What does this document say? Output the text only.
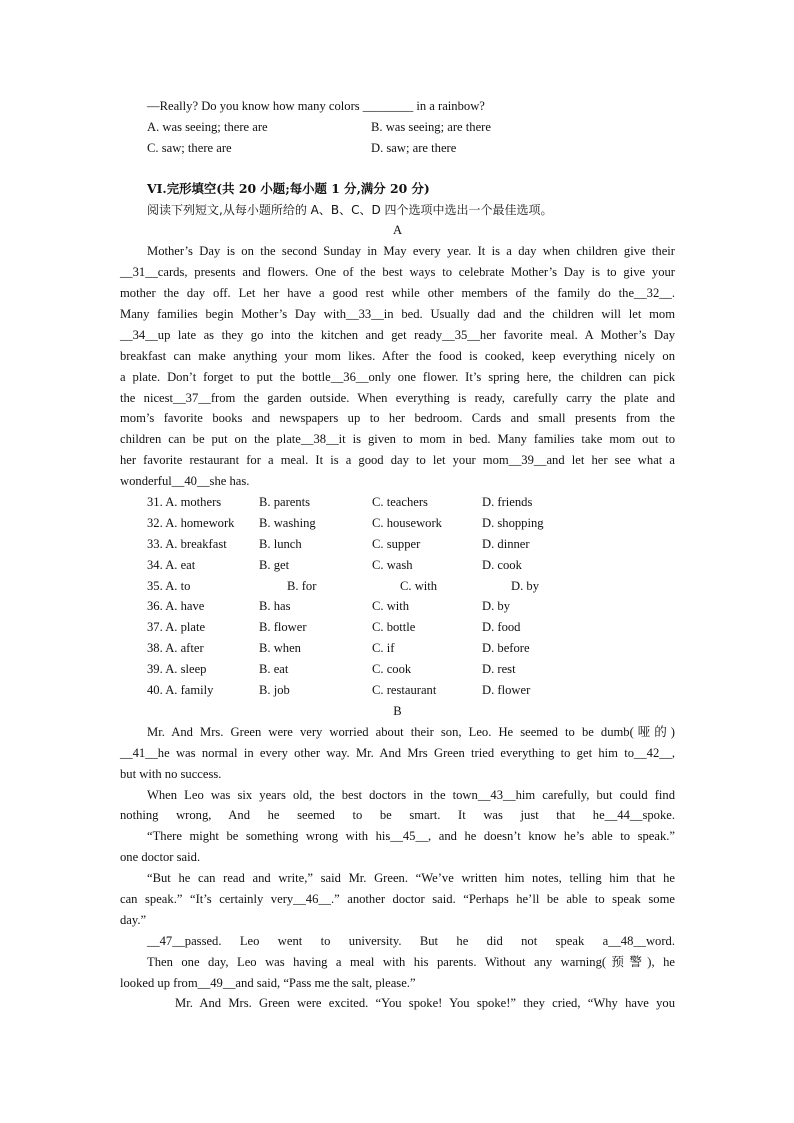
—Really? Do you know how many colors ________ in a rainbow?
A. was seeing; there are	B. was seeing; are there
C. saw; there are	D. saw; are there
VI.完形填空(共 20 小题;每小题 1 分,满分 20 分)
阅读下列短文,从每小题所给的 A、B、C、D 四个选项中选出一个最佳选项。
A
Mother’s Day is on the second Sunday in May every year. It is a day when children give their
__31__cards, presents and flowers. One of the best ways to celebrate Mother’s Day is to give your
mother the day off. Let her have a good rest while other members of the family do the__32__.
Many families begin Mother’s Day with__33__in bed. Usually dad and the children will let mom
__34__up late as they go into the kitchen and get ready__35__her favorite meal. A Mother’s Day
breakfast can make anything your mom likes. After the food is cooked, keep everything nicely on
a plate. Don’t forget to put the bottle__36__only one flower. It’s spring here, the children can pick
the nicest__37__from the garden outside. When everything is ready, carefully carry the plate and
mom’s favorite books and newspapers up to her bedroom. Cards and small presents from the
children can be put on the plate__38__it is given to mom in bed. Many families take mom out to
her favorite restaurant for a meal. It is a good day to let your mom__39__and let her see what a
wonderful__40__she has.
31. A. mothers	B. parents	C. teachers	D. friends
32. A. homework B. washing	C. housework	D. shopping
33. A. breakfast	B. lunch	C. supper	D. dinner
34. A. eat	B. get	C. wash	D. cook
35. A. to	B. for	C. with	D. by
36. A. have	B. has	C. with	D. by
37. A. plate	B. flower	C. bottle	D. food
38. A. after	B. when	C. if	D. before
39. A. sleep	B. eat	C. cook	D. rest
40. A. family	B. job	C. restaurant	D. flower
B
Mr. And Mrs. Green were very worried about their son, Leo. He seemed to be dumb(哑的)
__41__he was normal in every other way. Mr. And Mrs Green tried everything to get him to__42__,
but with no success.
When Leo was six years old, the best doctors in the town__43__him carefully, but could find
nothing wrong, And he seemed to be smart. It was just that he__44__spoke.
“There might be something wrong with his__45__, and he doesn’t know he’s able to speak.”
one doctor said.
“But he can read and write,” said Mr. Green. “We’ve written him notes, telling him that he
can speak.” “It’s certainly very__46__.” another doctor said. “Perhaps he’ll be able to speak some
day.”
__47__passed. Leo went to university. But he did not speak a__48__word.
Then one day, Leo was having a meal with his parents. Without any warning(预警), he
looked up from__49__and said, “Pass me the salt, please.”
Mr. And Mrs. Green were excited. “You spoke! You spoke!” they cried, “Why have you
